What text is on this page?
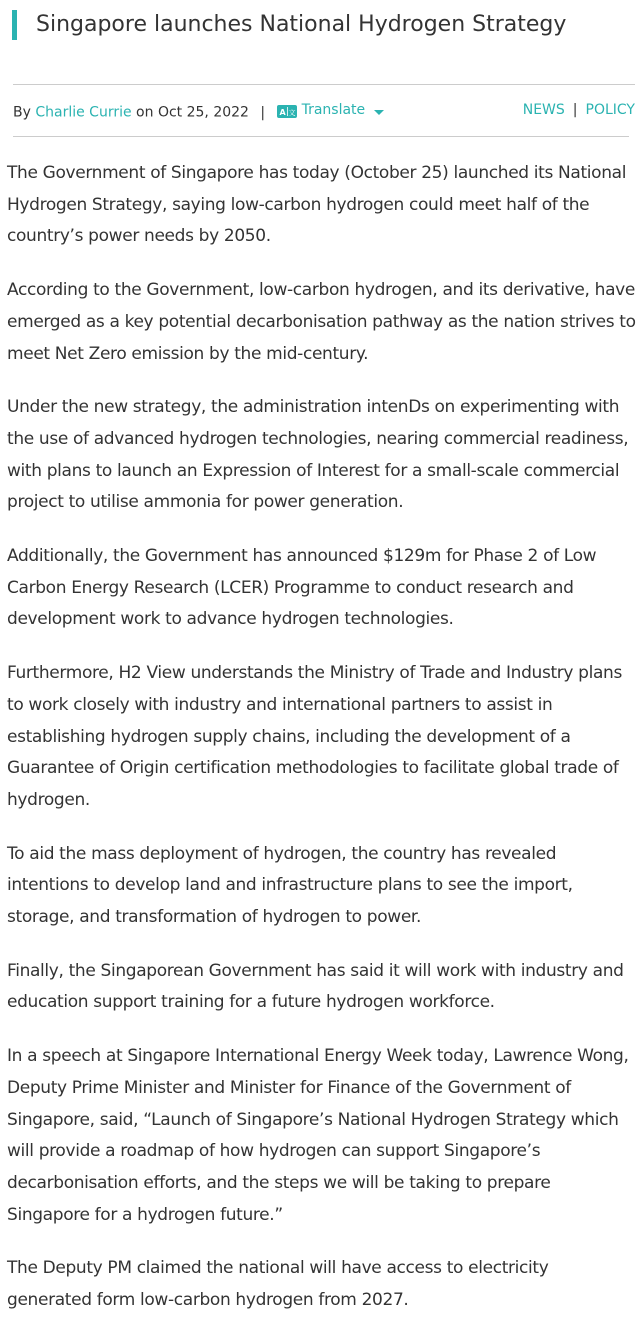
Singapore launches National Hydrogen Strategy
By Charlie Currie on Oct 25, 2022 | A 文 Translate	NEWS | POLICY

The Government of Singapore has today (October 25) launched its National Hydrogen Strategy, saying low-carbon hydrogen could meet half of the country’s power needs by 2050.

According to the Government, low-carbon hydrogen, and its derivative, have emerged as a key potential decarbonisation pathway as the nation strives to meet Net Zero emission by the mid-century.

Under the new strategy, the administration intenDs on experimenting with the use of advanced hydrogen technologies, nearing commercial readiness, with plans to launch an Expression of Interest for a small-scale commercial project to utilise ammonia for power generation.

Additionally, the Government has announced $129m for Phase 2 of Low Carbon Energy Research (LCER) Programme to conduct research and development work to advance hydrogen technologies.

Furthermore, H2 View understands the Ministry of Trade and Industry plans to work closely with industry and international partners to assist in establishing hydrogen supply chains, including the development of a Guarantee of Origin certification methodologies to facilitate global trade of hydrogen.

To aid the mass deployment of hydrogen, the country has revealed intentions to develop land and infrastructure plans to see the import, storage, and transformation of hydrogen to power.

Finally, the Singaporean Government has said it will work with industry and education support training for a future hydrogen workforce.

In a speech at Singapore International Energy Week today, Lawrence Wong, Deputy Prime Minister and Minister for Finance of the Government of Singapore, said, “Launch of Singapore’s National Hydrogen Strategy which will provide a roadmap of how hydrogen can support Singapore’s decarbonisation efforts, and the steps we will be taking to prepare Singapore for a hydrogen future.”

The Deputy PM claimed the national will have access to electricity generated form low-carbon hydrogen from 2027.
